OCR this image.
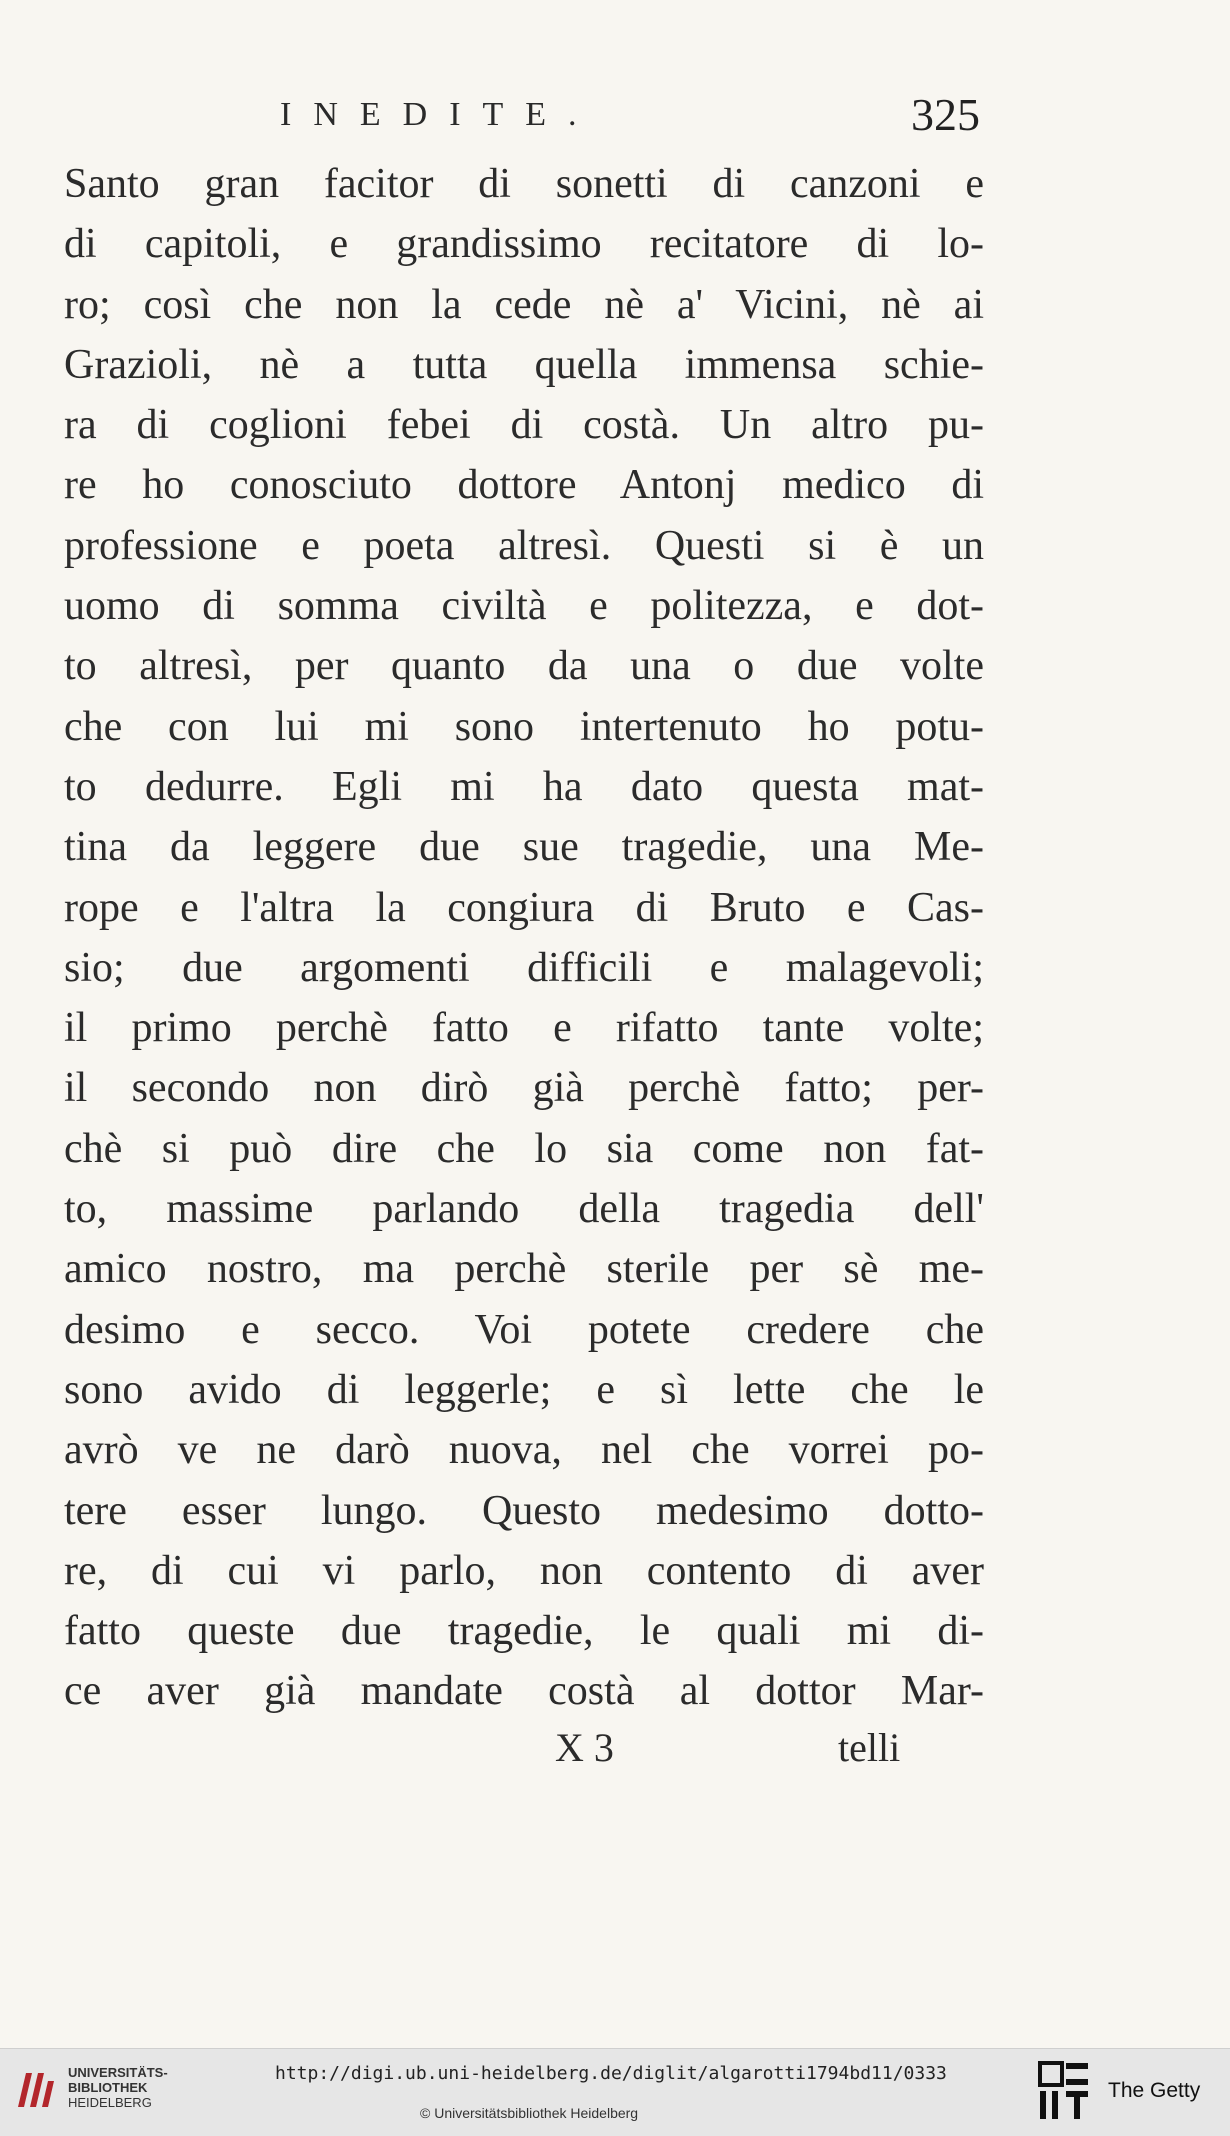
INEDITE.	325
Santo gran facitor di sonetti di canzoni e
di capitoli, e grandissimo recitatore di lo-
ro; così che non la cede nè a' Vicini, nè ai
Grazioli, nè a tutta quella immensa schie-
ra di coglioni febei di costà. Un altro pu-
re ho conosciuto dottore Antonj medico di
professione e poeta altresì. Questi si è un
uomo di somma civiltà e politezza, e dot-
to altresì, per quanto da una o due volte
che con lui mi sono intertenuto ho potu-
to dedurre. Egli mi ha dato questa mat-
tina da leggere due sue tragedie, una Me-
rope e l'altra la congiura di Bruto e Cas-
sio; due argomenti difficili e malagevoli;
il primo perchè fatto e rifatto tante volte;
il secondo non dirò già perchè fatto; per-
chè si può dire che lo sia come non fat-
to, massime parlando della tragedia dell'
amico nostro, ma perchè sterile per sè me-
desimo e secco. Voi potete credere che
sono avido di leggerle; e sì lette che le
avrò ve ne darò nuova, nel che vorrei po-
tere esser lungo. Questo medesimo dotto-
re, di cui vi parlo, non contento di aver
fatto queste due tragedie, le quali mi di-
ce aver già mandate costà al dottor Mar-
X 3	telli
UNIVERSITÄTS-
BIBLIOTHEK
HEIDELBERG
http://digi.ub.uni-heidelberg.de/diglit/algarotti1794bd11/0333
© Universitätsbibliothek Heidelberg
The Getty
